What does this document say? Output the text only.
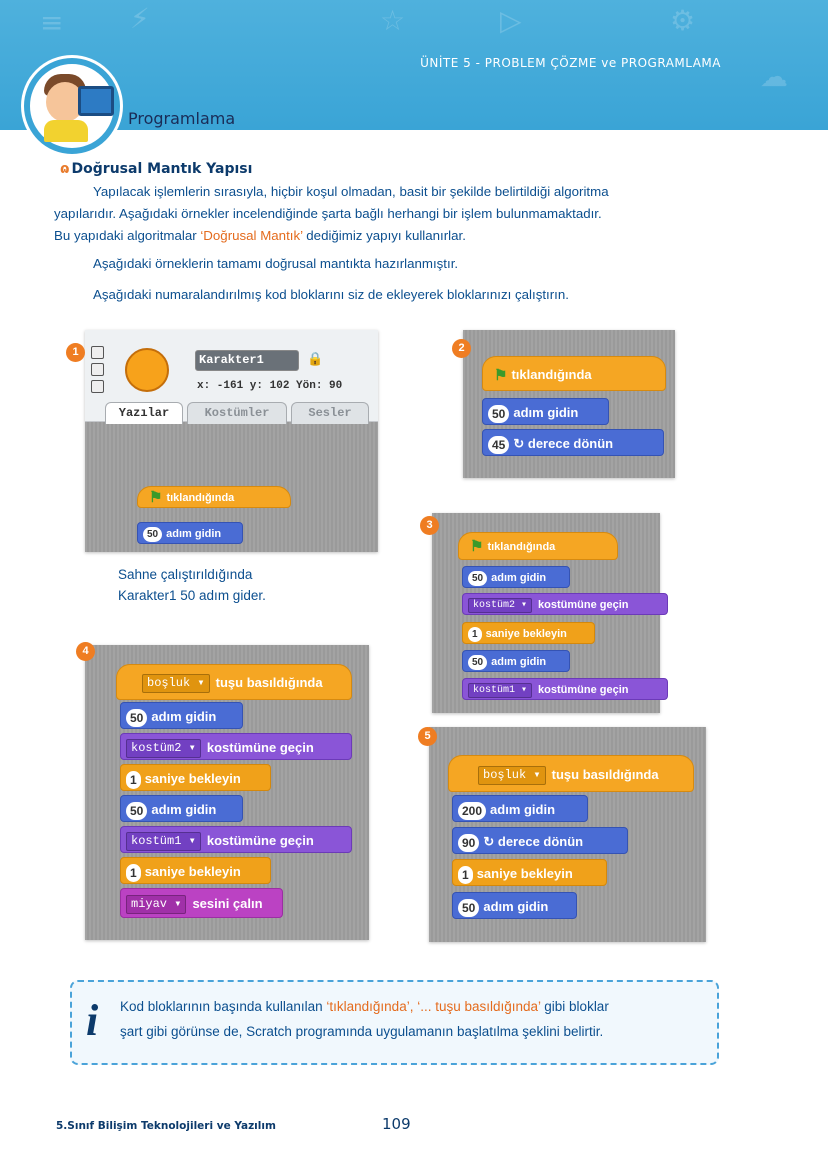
≡ ⚡	☆	▷	⚙
☁
ÜNİTE 5 - PROBLEM ÇÖZME ve PROGRAMLAMA
Programlama
ɷ Doğrusal Mantık Yapısı
Yapılacak işlemlerin sırasıyla, hiçbir koşul olmadan, basit bir şekilde belirtildiği algoritma
yapılarıdır. Aşağıdaki örnekler incelendiğinde şarta bağlı herhangi bir işlem bulunmamaktadır.
Bu yapıdaki algoritmalar ‘Doğrusal Mantık’ dediğimiz yapıyı kullanırlar.
Aşağıdaki örneklerin tamamı doğrusal mantıkta hazırlanmıştır.
Aşağıdaki numaralandırılmış kod bloklarını siz de ekleyerek bloklarınızı çalıştırın.
Karakter1	🔒
x: -161 y: 102 Yön: 90
Yazılar	Kostümler	Sesler
1
⚑ tıklandığında
50 adım gidin
Sahne çalıştırıldığında
Karakter1 50 adım gider.
2
⚑ tıklandığında
50 adım gidin
45 ↻ derece dönün
3
⚑ tıklandığında
50 adım gidin
kostüm2 ▾ kostümüne geçin
1 saniye bekleyin
50 adım gidin
kostüm1 ▾ kostümüne geçin
4
boşluk ▾ tuşu basıldığında
50 adım gidin
kostüm2 ▾ kostümüne geçin
1 saniye bekleyin
50 adım gidin
kostüm1 ▾ kostümüne geçin
1 saniye bekleyin
miyav ▾ sesini çalın
5
boşluk ▾ tuşu basıldığında
200 adım gidin
90 ↻ derece dönün
1 saniye bekleyin
50 adım gidin
i Kod bloklarının başında kullanılan ‘tıklandığında’, ‘... tuşu basıldığında’ gibi bloklar
şart gibi görünse de, Scratch programında uygulamanın başlatılma şeklini belirtir.
5.Sınıf Bilişim Teknolojileri ve Yazılım	109
